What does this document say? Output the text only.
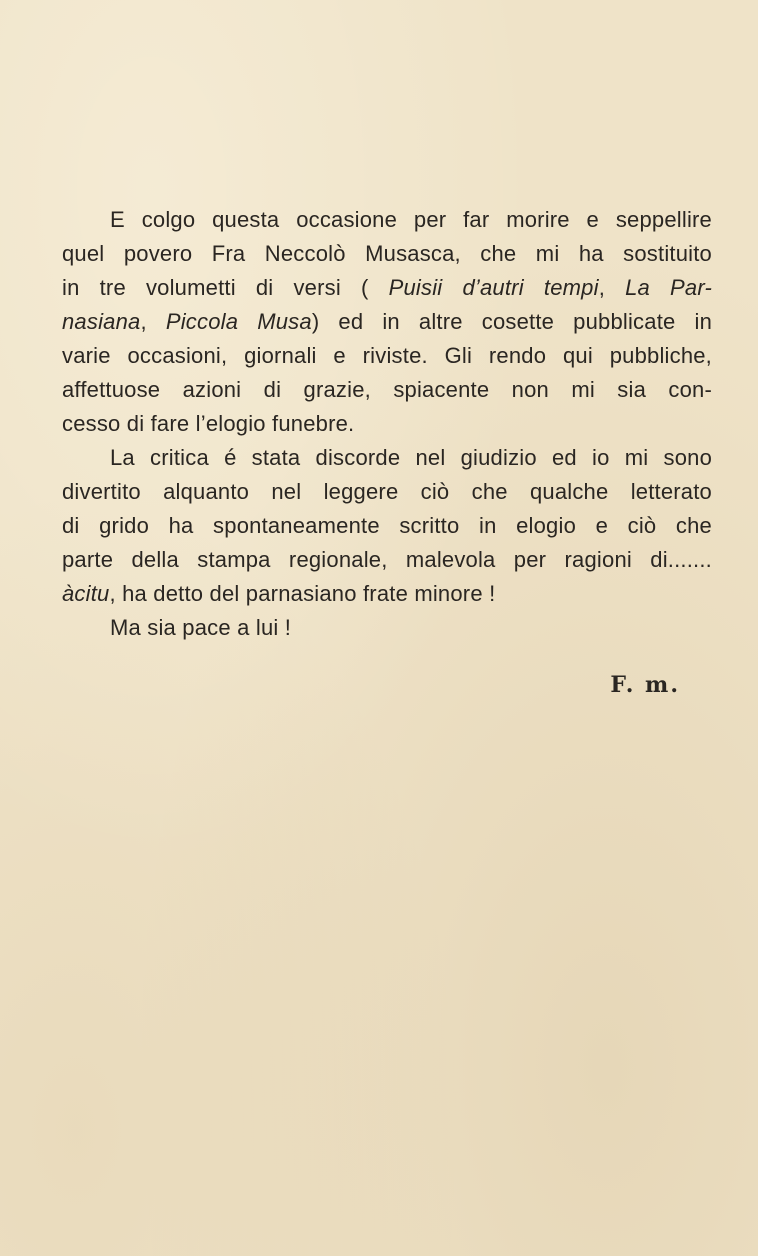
E colgo questa occasione per far morire e seppellire
quel povero Fra Neccolò Musasca, che mi ha sostituito
in tre volumetti di versi ( Puisii d’autri tempi, La Par-
nasiana, Piccola Musa) ed in altre cosette pubblicate in
varie occasioni, giornali e riviste. Gli rendo qui pubbliche,
affettuose azioni di grazie, spiacente non mi sia con-
cesso di fare l’elogio funebre.
La critica é stata discorde nel giudizio ed io mi sono
divertito alquanto nel leggere ciò che qualche letterato
di grido ha spontaneamente scritto in elogio e ciò che
parte della stampa regionale, malevola per ragioni di.......
àcitu, ha detto del parnasiano frate minore !
Ma sia pace a lui !
F. m.
